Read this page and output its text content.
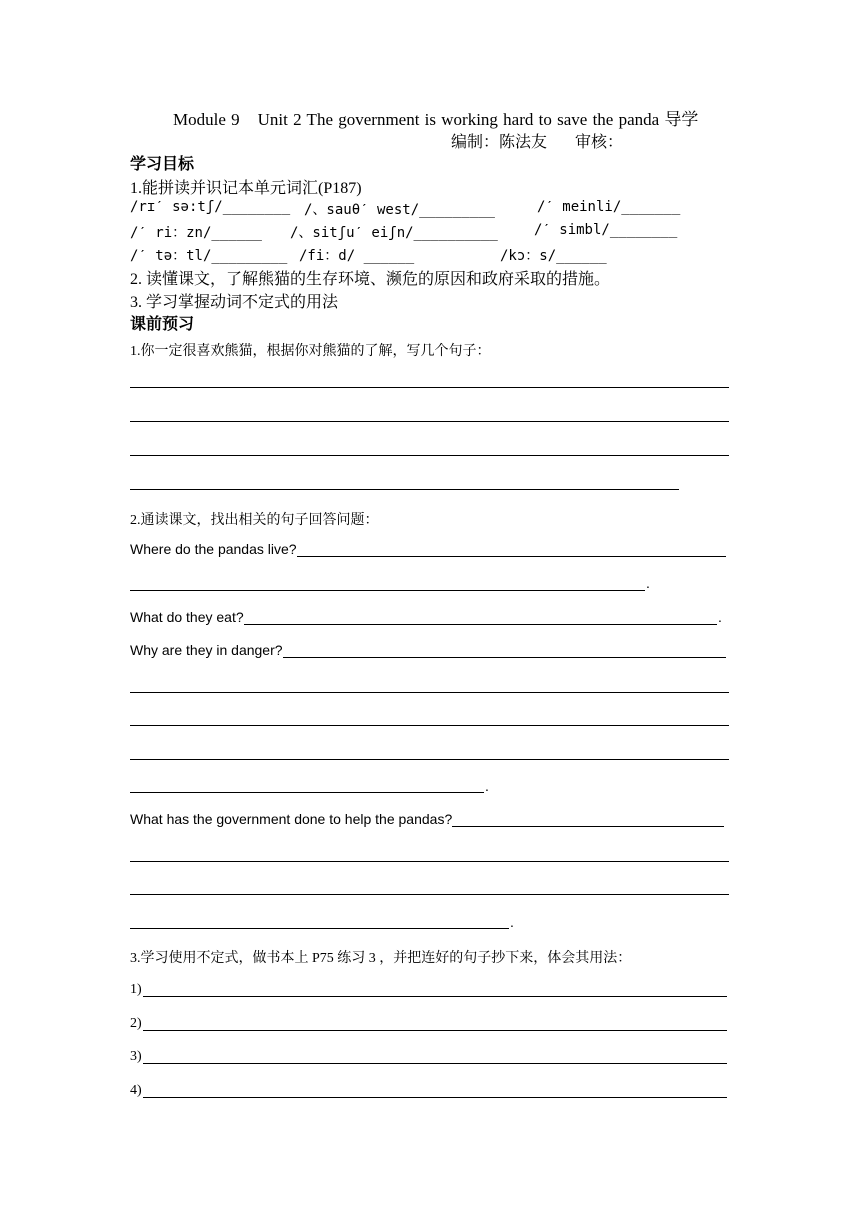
Module 9 Unit 2 The government is working hard to save the panda 导学
编制：陈法友 审核：
学习目标
1.能拼读并识记本单元词汇(P187)
/rɪˊ sə:tʃ/________ /、sauθˊ west/_________	/ˊ meinli/_______
/ˊ ri：zn/______ /、sitʃuˊ eiʃn/__________	/ˊ simbl/________
/ˊ tə：tl/_________ /fi：d/ ______	/kɔ：s/______
2. 读懂课文，了解熊猫的生存环境、濒危的原因和政府采取的措施。
3. 学习掌握动词不定式的用法
课前预习
1.你一定很喜欢熊猫，根据你对熊猫的了解，写几个句子：
2.通读课文，找出相关的句子回答问题：
Where do the pandas live?
.
What do they eat?	.
Why are they in danger?
.
What has the government done to help the pandas?
.
3.学习使用不定式，做书本上 P75 练习 3 ，并把连好的句子抄下来，体会其用法：
1)
2)
3)
4)
